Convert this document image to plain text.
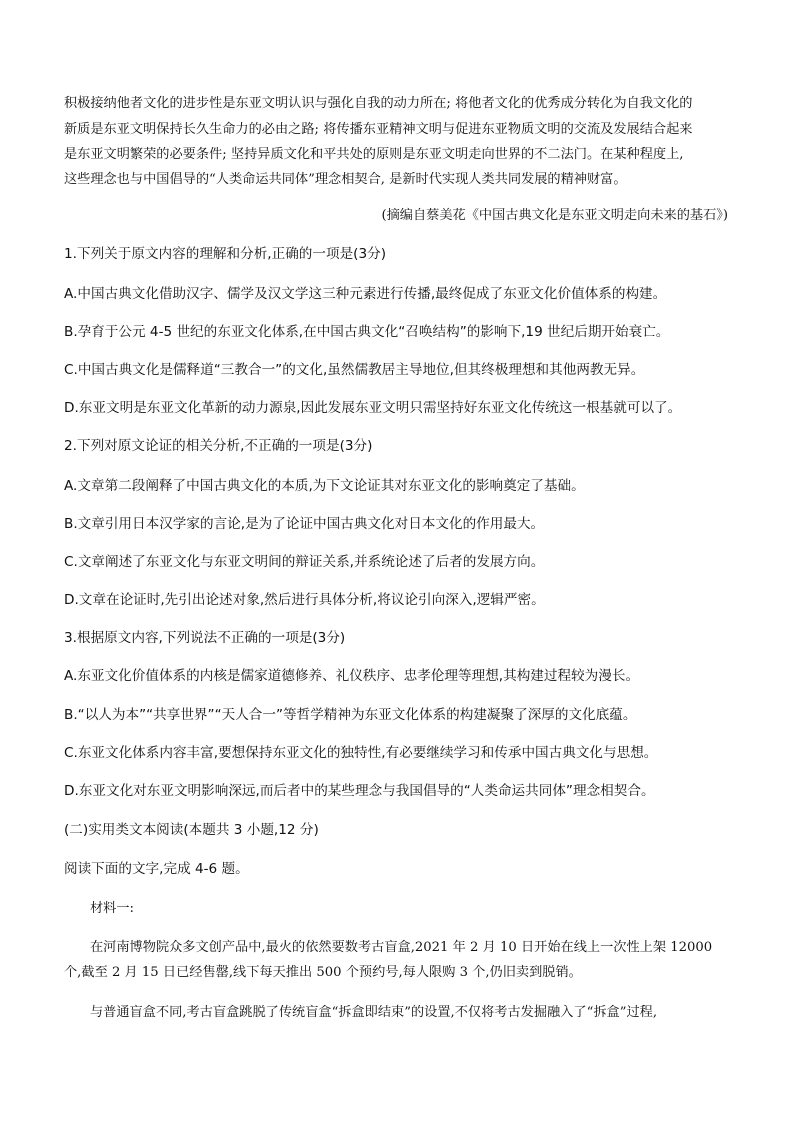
积极接纳他者文化的进步性是东亚文明认识与强化自我的动力所在; 将他者文化的优秀成分转化为自我文化的
新质是东亚文明保持长久生命力的必由之路; 将传播东亚精神文明与促进东亚物质文明的交流及发展结合起来
是东亚文明繁荣的必要条件; 坚持异质文化和平共处的原则是东亚文明走向世界的不二法门。在某种程度上,
这些理念也与中国倡导的“人类命运共同体”理念相契合, 是新时代实现人类共同发展的精神财富。
(摘编自蔡美花《中国古典文化是东亚文明走向未来的基石》)
1.下列关于原文内容的理解和分析,正确的一项是(3分)
A.中国古典文化借助汉字、儒学及汉文学这三种元素进行传播,最终促成了东亚文化价值体系的构建。
B.孕育于公元 4-5 世纪的东亚文化体系,在中国古典文化“召唤结构”的影响下,19 世纪后期开始衰亡。
C.中国古典文化是儒释道“三教合一”的文化,虽然儒教居主导地位,但其终极理想和其他两教无异。
D.东亚文明是东亚文化革新的动力源泉,因此发展东亚文明只需坚持好东亚文化传统这一根基就可以了。
2.下列对原文论证的相关分析,不正确的一项是(3分)
A.文章第二段阐释了中国古典文化的本质,为下文论证其对东亚文化的影响奠定了基础。
B.文章引用日本汉学家的言论,是为了论证中国古典文化对日本文化的作用最大。
C.文章阐述了东亚文化与东亚文明间的辩证关系,并系统论述了后者的发展方向。
D.文章在论证时,先引出论述对象,然后进行具体分析,将议论引向深入,逻辑严密。
3.根据原文内容,下列说法不正确的一项是(3分)
A.东亚文化价值体系的内核是儒家道德修养、礼仪秩序、忠孝伦理等理想,其构建过程较为漫长。
B.“以人为本”“共享世界”“天人合一”等哲学精神为东亚文化体系的构建凝聚了深厚的文化底蕴。
C.东亚文化体系内容丰富,要想保持东亚文化的独特性,有必要继续学习和传承中国古典文化与思想。
D.东亚文化对东亚文明影响深远,而后者中的某些理念与我国倡导的“人类命运共同体”理念相契合。
(二)实用类文本阅读(本题共 3 小题,12 分)
阅读下面的文字,完成 4-6 题。
材料一:
在河南博物院众多文创产品中,最火的依然要数考古盲盒,2021 年 2 月 10 日开始在线上一次性上架 12000
个,截至 2 月 15 日已经售罄,线下每天推出 500 个预约号,每人限购 3 个,仍旧卖到脱销。
与普通盲盒不同,考古盲盒跳脱了传统盲盒“拆盒即结束”的设置,不仅将考古发掘融入了“拆盒”过程,
